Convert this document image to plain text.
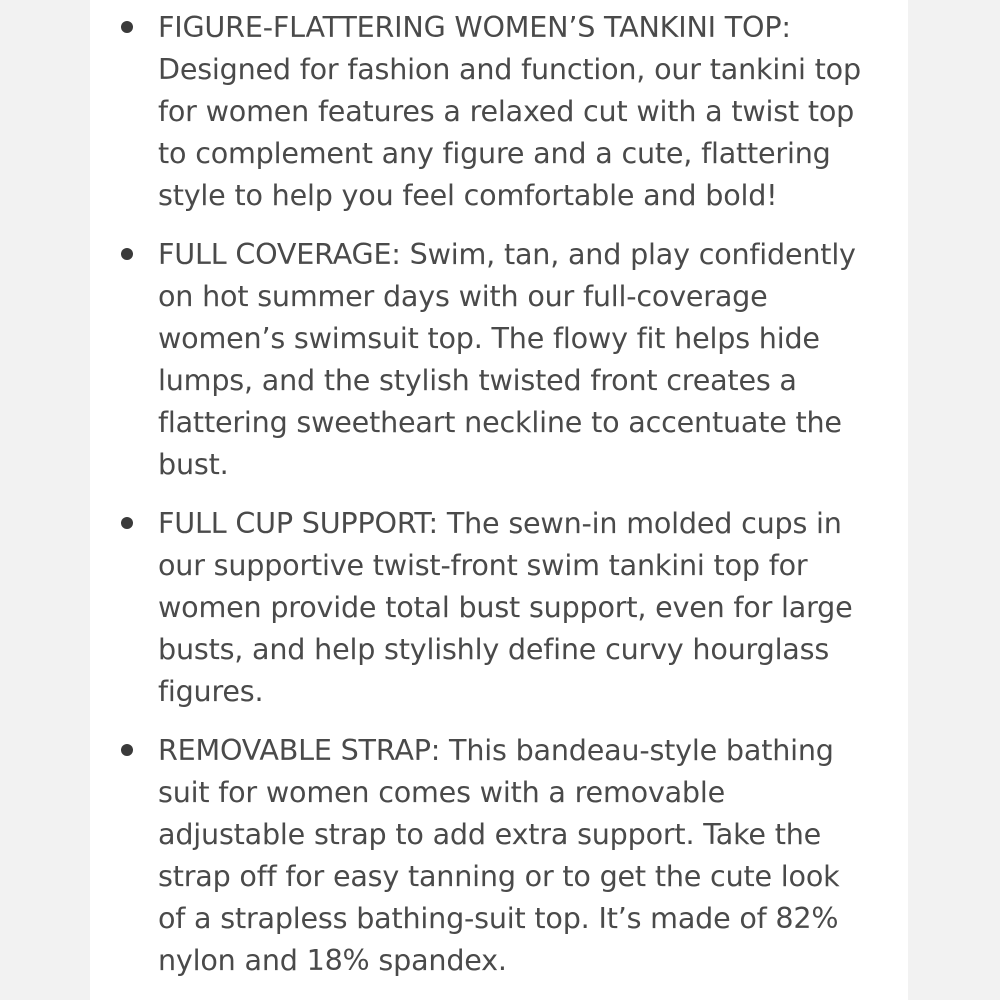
FIGURE-FLATTERING WOMEN’S TANKINI TOP: Designed for fashion and function, our tankini top for women features a relaxed cut with a twist top to complement any figure and a cute, flattering style to help you feel comfortable and bold!
FULL COVERAGE: Swim, tan, and play confidently on hot summer days with our full-coverage women’s swimsuit top. The flowy fit helps hide lumps, and the stylish twisted front creates a flattering sweetheart neckline to accentuate the bust.
FULL CUP SUPPORT: The sewn-in molded cups in our supportive twist-front swim tankini top for women provide total bust support, even for large busts, and help stylishly define curvy hourglass figures.
REMOVABLE STRAP: This bandeau-style bathing suit for women comes with a removable adjustable strap to add extra support. Take the strap off for easy tanning or to get the cute look of a strapless bathing-suit top. It’s made of 82% nylon and 18% spandex.
